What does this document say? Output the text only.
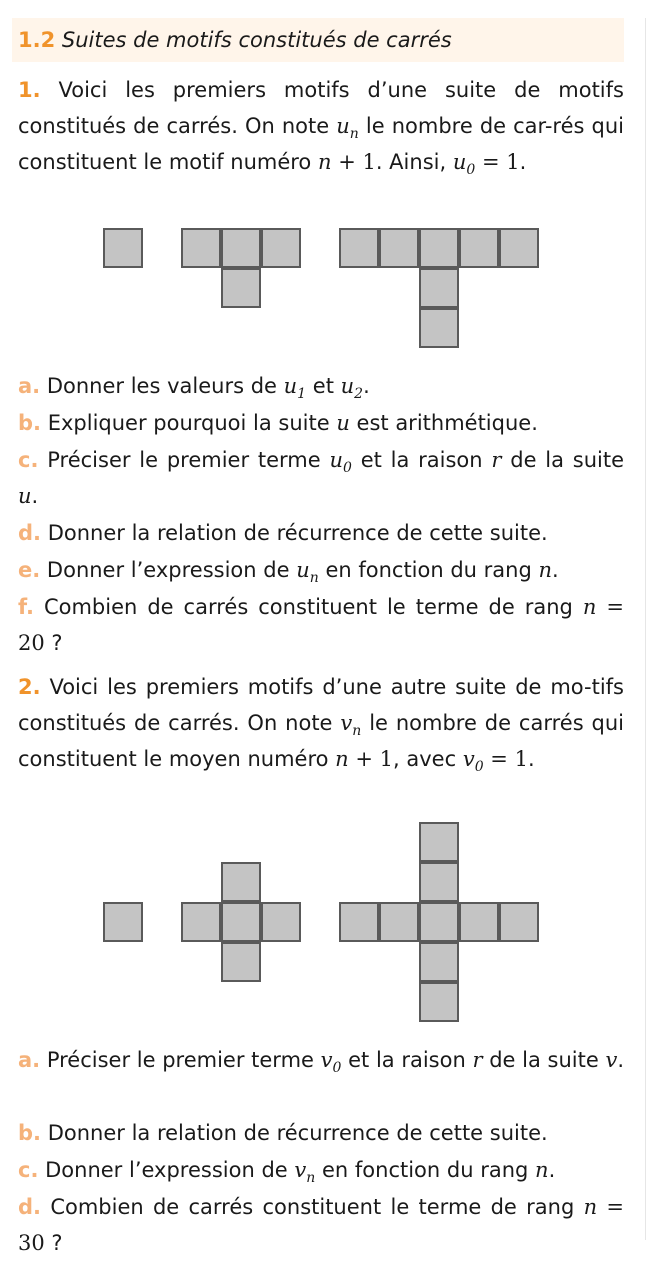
1.2 Suites de motifs constitués de carrés

1. Voici les premiers motifs d’une suite de motifs constitués de carrés. On note $u_n$ le nombre de car-rés qui constituent le motif numéro n + 1. Ainsi, $u_0 = 1$.

a. Donner les valeurs de $u_1$ et $u_2$.

b. Expliquer pourquoi la suite u est arithmétique.

c. Préciser le premier terme $u_0$ et la raison r de la suite u.

d. Donner la relation de récurrence de cette suite.

e. Donner l’expression de $u_n$ en fonction du rang n.

f. Combien de carrés constituent le terme de rang n = 20 ?

2. Voici les premiers motifs d’une autre suite de mo-tifs constitués de carrés. On note $v_n$ le nombre de carrés qui constituent le moyen numéro n + 1, avec $v_0 = 1$.

a. Préciser le premier terme $v_0$ et la raison r de la suite v.

b. Donner la relation de récurrence de cette suite.

c. Donner l’expression de $v_n$ en fonction du rang n.

d. Combien de carrés constituent le terme de rang n = 30 ?
